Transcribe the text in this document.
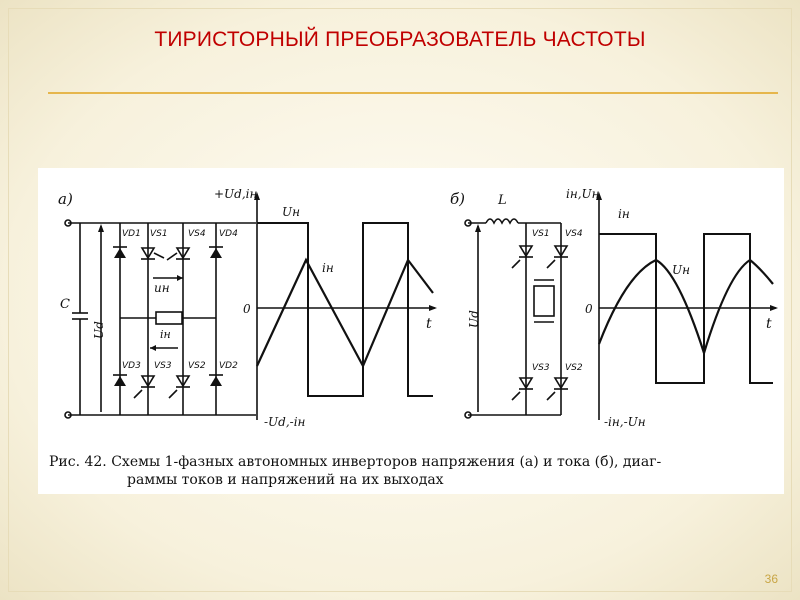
ТИРИСТОРНЫЙ ПРЕОБРАЗОВАТЕЛЬ ЧАСТОТЫ
а)
C
Ud
VD1 VS1 VS4 VD4
uн
iн
VD3 VS3 VS2 VD2
+Ud,iн
Uн
iн
0
t
-Ud,-iн
б)	L
Ud
VS1 VS4
VS3 VS2
iн,Uн
iн
Uн
0
t
-iн,-Uн
Рис. 42. Схемы 1-фазных автономных инверторов напряжения (а) и тока (б), диаг-
раммы токов и напряжений на их выходах
36
